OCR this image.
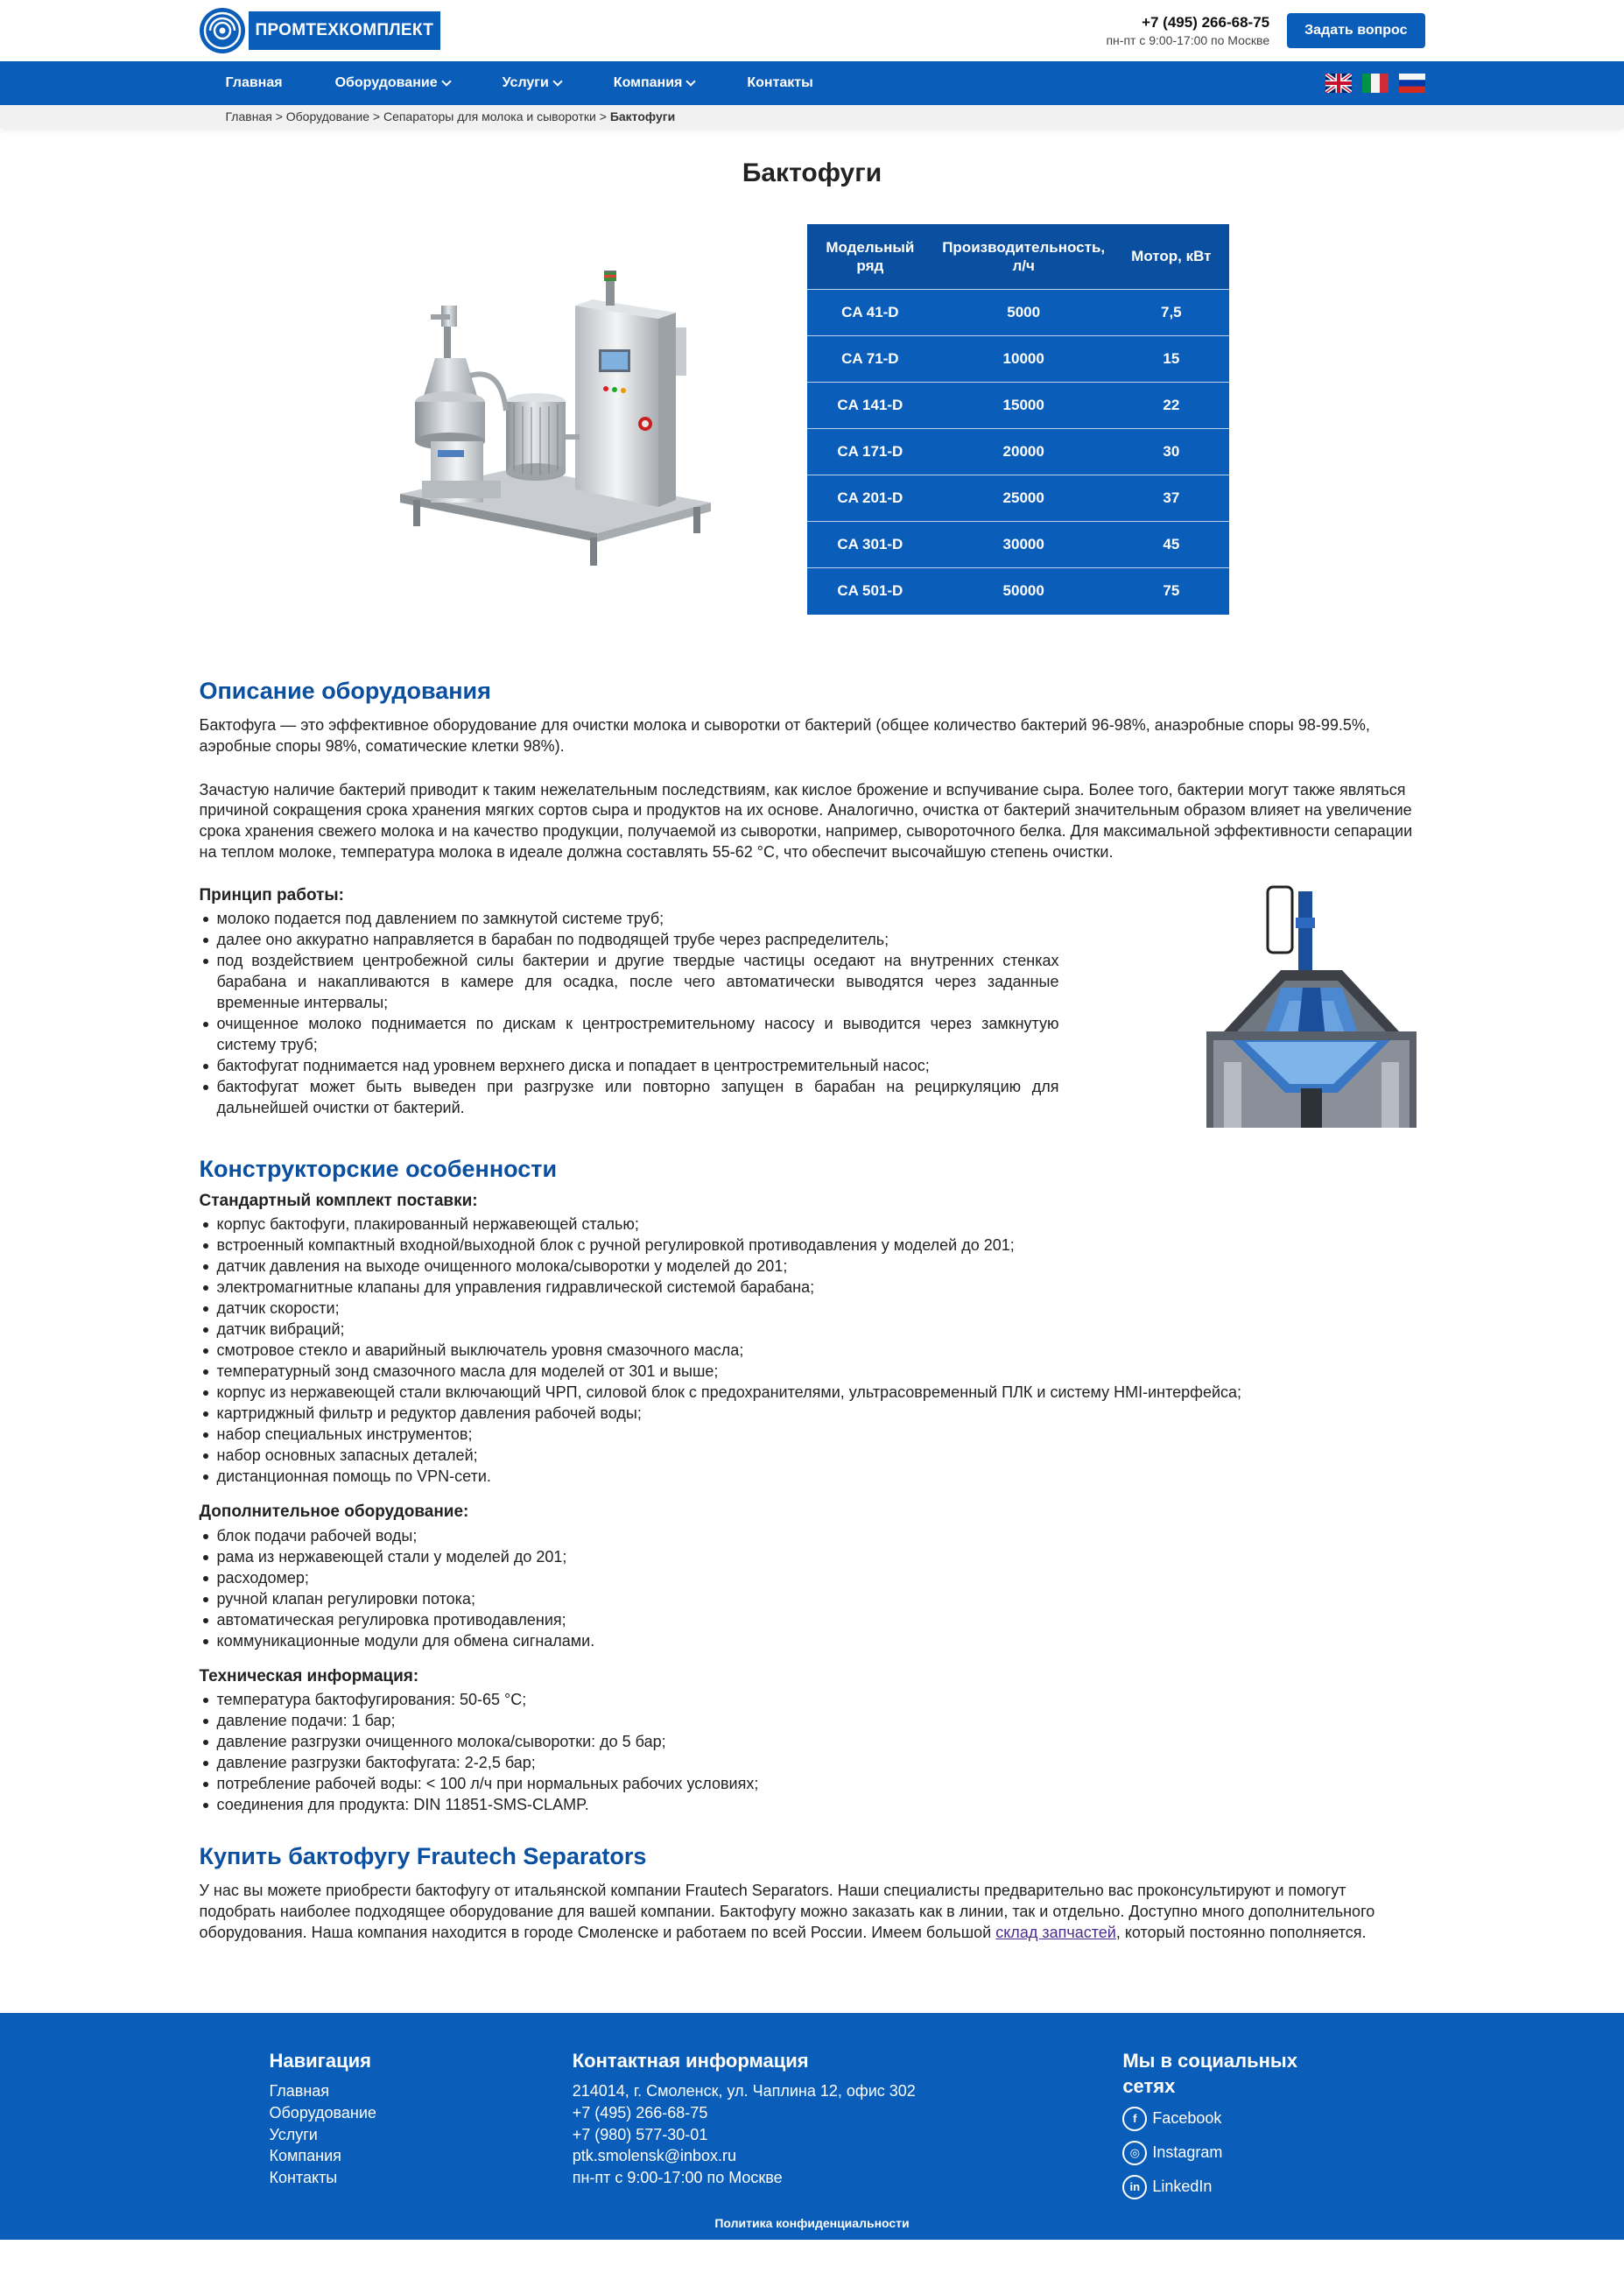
ПРОМТЕХКОМПЛЕКТ	+7 (495) 266-68-75
пн-пт с 9:00-17:00 по Москве
Задать вопрос
Главная	Оборудование	Услуги	Компания	Контакты
Главная > Оборудование > Сепараторы для молока и сыворотки > Бактофуги
Бактофуги
Модельный ряд	Производительность, л/ч	Мотор, кВт
CA 41-D	5000	7,5
CA 71-D	10000	15
CA 141-D	15000	22
CA 171-D	20000	30
CA 201-D	25000	37
CA 301-D	30000	45
CA 501-D	50000	75
Описание оборудования

Бактофуга — это эффективное оборудование для очистки молока и сыворотки от бактерий (общее количество бактерий 96-98%, анаэробные споры 98-99.5%, аэробные споры 98%, соматические клетки 98%).

Зачастую наличие бактерий приводит к таким нежелательным последствиям, как кислое брожение и вспучивание сыра. Более того, бактерии могут также являться причиной сокращения срока хранения мягких сортов сыра и продуктов на их основе. Аналогично, очистка от бактерий значительным образом влияет на увеличение срока хранения свежего молока и на качество продукции, получаемой из сыворотки, например, сывороточного белка. Для максимальной эффективности сепарации на теплом молоке, температура молока в идеале должна составлять 55-62 °С, что обеспечит высочайшую степень очистки.

Принцип работы:
молоко подается под давлением по замкнутой системе труб;
далее оно аккуратно направляется в барабан по подводящей трубе через распределитель;
под воздействием центробежной силы бактерии и другие твердые частицы оседают на внутренних стенках барабана и накапливаются в камере для осадка, после чего автоматически выводятся через заданные временные интервалы;
очищенное молоко поднимается по дискам к центростремительному насосу и выводится через замкнутую систему труб;
бактофугат поднимается над уровнем верхнего диска и попадает в центростремительный насос;
бактофугат может быть выведен при разгрузке или повторно запущен в барабан на рециркуляцию для дальнейшей очистки от бактерий.
Конструкторские особенности
Стандартный комплект поставки:
корпус бактофуги, плакированный нержавеющей сталью;
встроенный компактный входной/выходной блок с ручной регулировкой противодавления у моделей до 201;
датчик давления на выходе очищенного молока/сыворотки у моделей до 201;
электромагнитные клапаны для управления гидравлической системой барабана;
датчик скорости;
датчик вибраций;
смотровое стекло и аварийный выключатель уровня смазочного масла;
температурный зонд смазочного масла для моделей от 301 и выше;
корпус из нержавеющей стали включающий ЧРП, силовой блок с предохранителями, ультрасовременный ПЛК и систему HMI-интерфейса;
картриджный фильтр и редуктор давления рабочей воды;
набор специальных инструментов;
набор основных запасных деталей;
дистанционная помощь по VPN-сети.
Дополнительное оборудование:
блок подачи рабочей воды;
рама из нержавеющей стали у моделей до 201;
расходомер;
ручной клапан регулировки потока;
автоматическая регулировка противодавления;
коммуникационные модули для обмена сигналами.
Техническая информация:
температура бактофугирования: 50-65 °С;
давление подачи: 1 бар;
давление разгрузки очищенного молока/сыворотки: до 5 бар;
давление разгрузки бактофугата: 2-2,5 бар;
потребление рабочей воды: < 100 л/ч при нормальных рабочих условиях;
соединения для продукта: DIN 11851-SMS-CLAMP.
Купить бактофугу Frautech Separators

У нас вы можете приобрести бактофугу от итальянской компании Frautech Separators. Наши специалисты предварительно вас проконсультируют и помогут подобрать наиболее подходящее оборудование для вашей компании. Бактофугу можно заказать как в линии, так и отдельно. Доступно много дополнительного оборудования. Наша компания находится в городе Смоленске и работаем по всей России. Имеем большой склад запчастей, который постоянно пополняется.

Навигация
Главная
Оборудование
Услуги
Компания
Контакты
Контактная информация
214014, г. Смоленск, ул. Чаплина 12, офис 302
+7 (495) 266-68-75
+7 (980) 577-30-01
ptk.smolensk@inbox.ru
пн-пт с 9:00-17:00 по Москве
Мы в социальных сетях
f Facebook
◎ Instagram
in LinkedIn
Политика конфиденциальности
